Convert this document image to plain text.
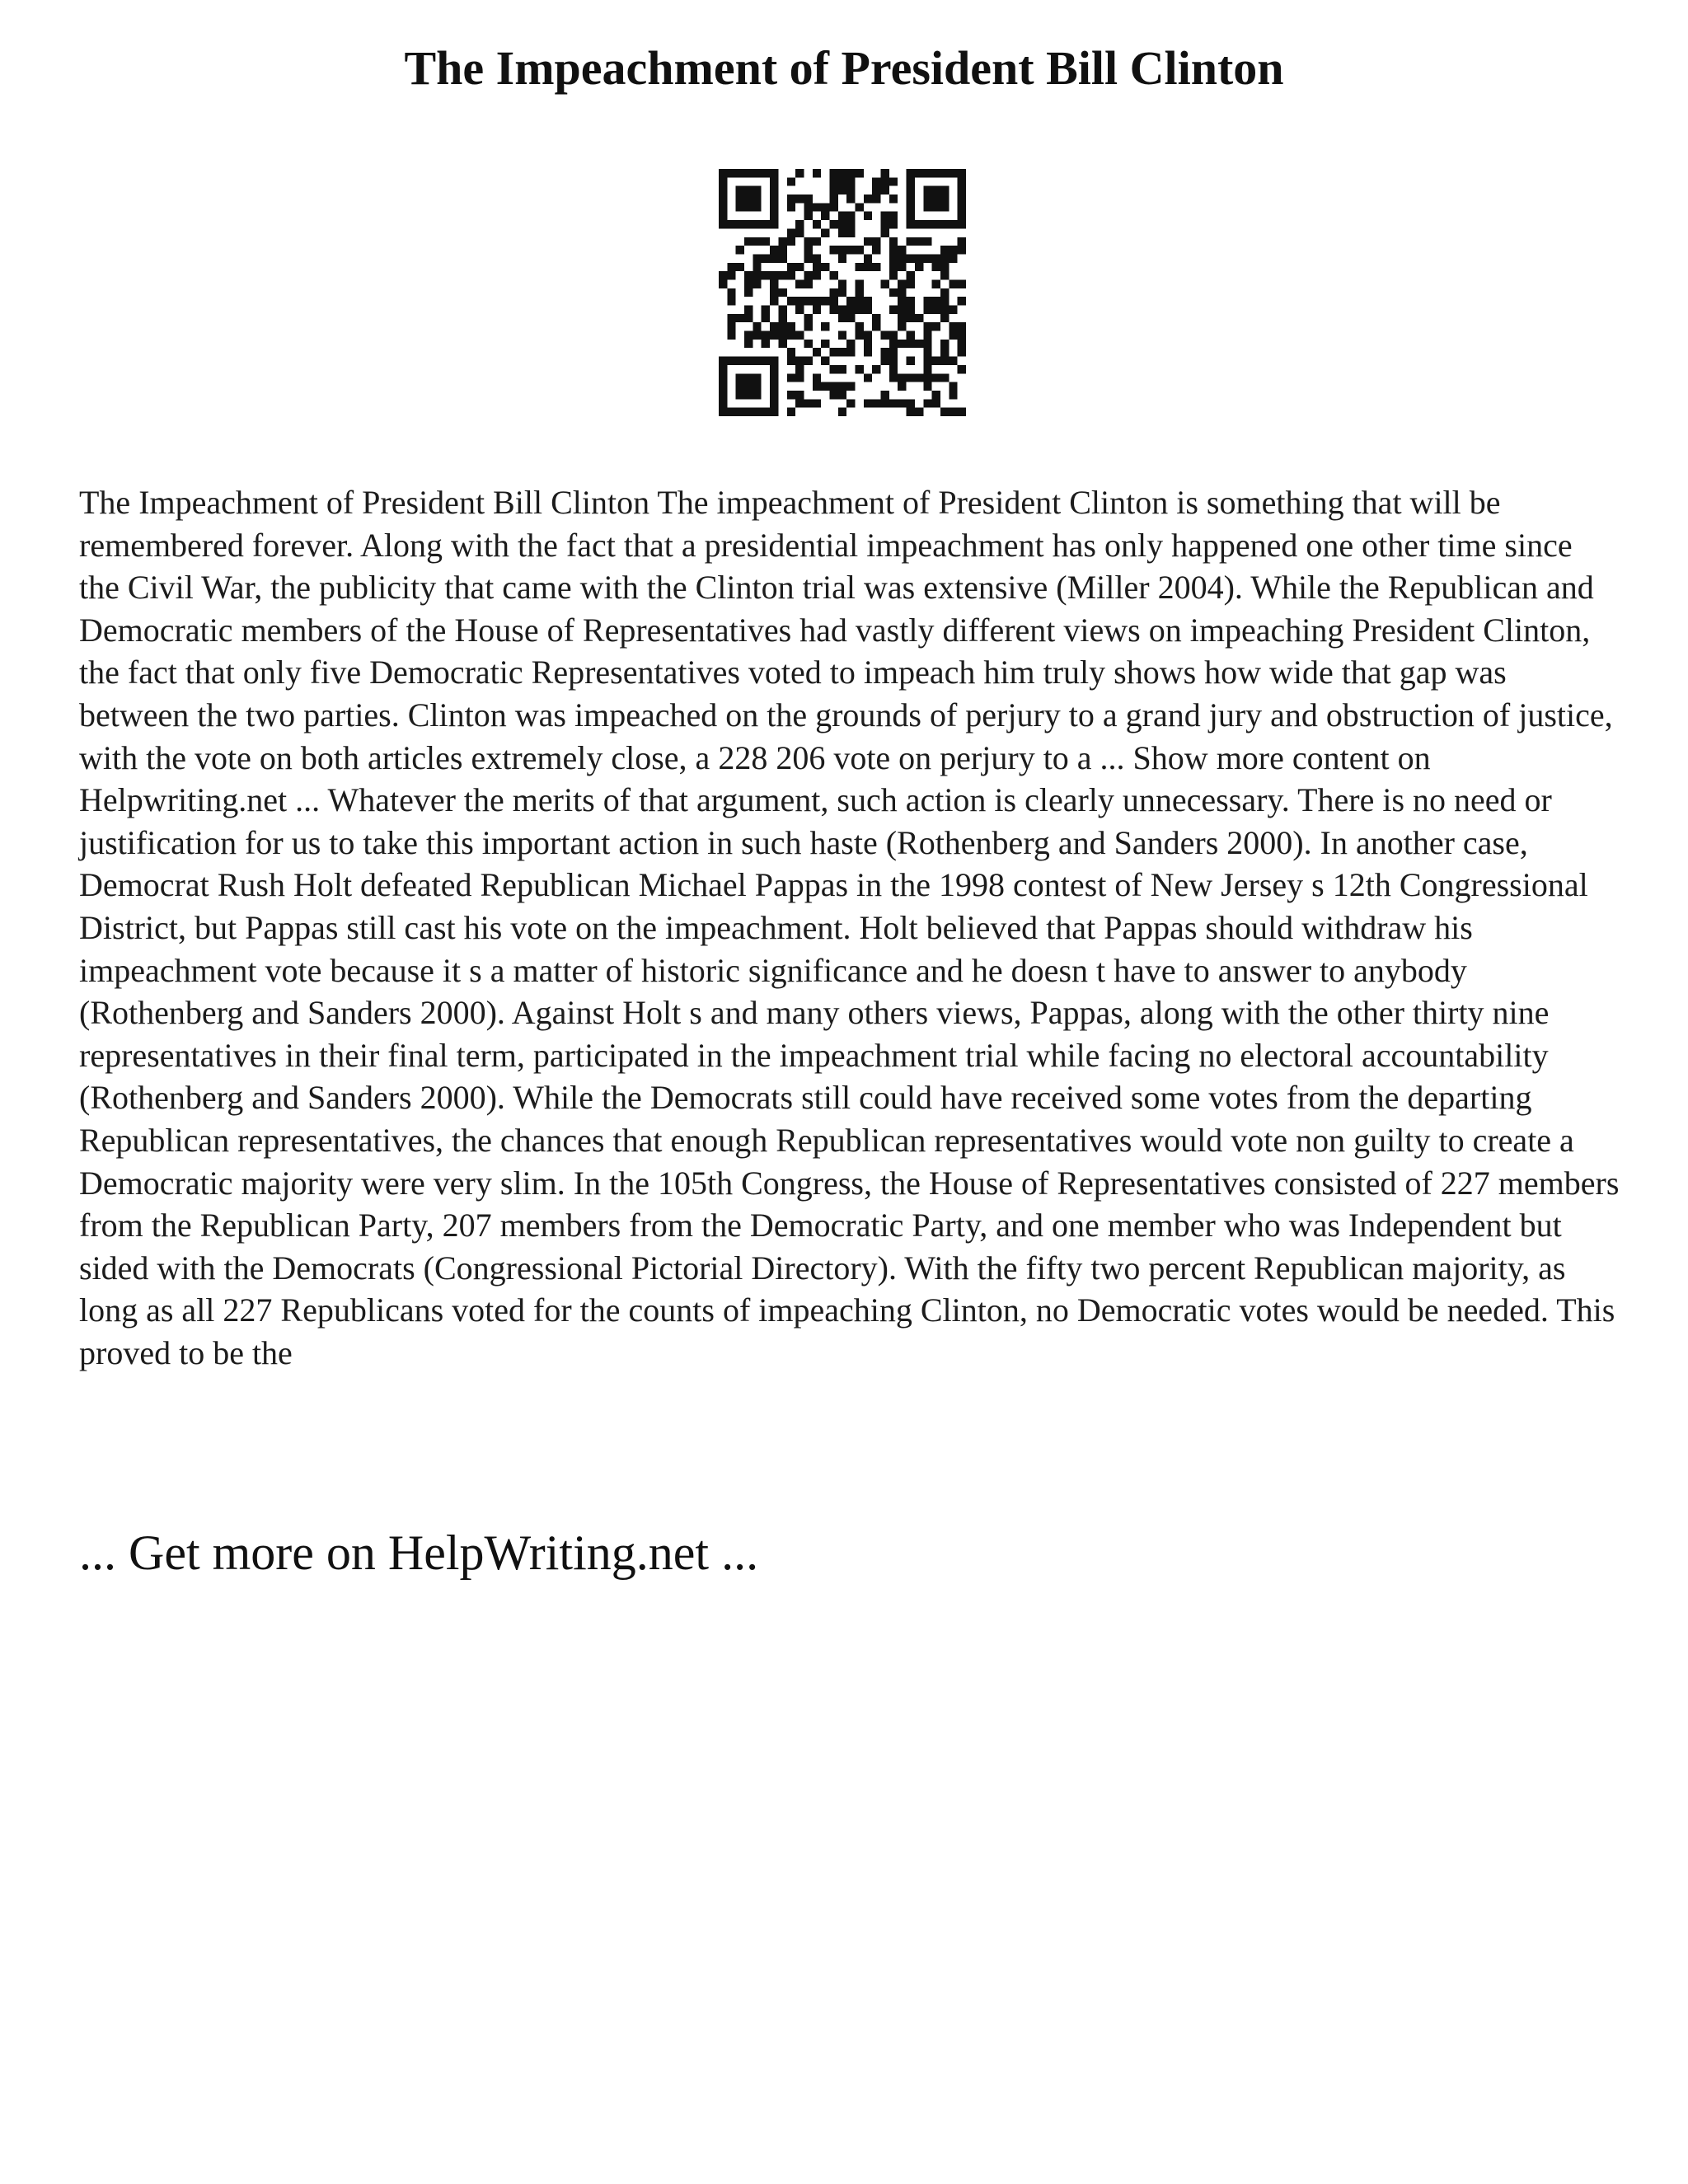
The Impeachment of President Bill Clinton

The Impeachment of President Bill Clinton The impeachment of President Clinton is something that will be remembered forever. Along with the fact that a presidential impeachment has only happened one other time since the Civil War, the publicity that came with the Clinton trial was extensive (Miller 2004). While the Republican and Democratic members of the House of Representatives had vastly different views on impeaching President Clinton, the fact that only five Democratic Representatives voted to impeach him truly shows how wide that gap was between the two parties. Clinton was impeached on the grounds of perjury to a grand jury and obstruction of justice, with the vote on both articles extremely close, a 228 206 vote on perjury to a ... Show more content on Helpwriting.net ... Whatever the merits of that argument, such action is clearly unnecessary. There is no need or justification for us to take this important action in such haste (Rothenberg and Sanders 2000). In another case, Democrat Rush Holt defeated Republican Michael Pappas in the 1998 contest of New Jersey s 12th Congressional District, but Pappas still cast his vote on the impeachment. Holt believed that Pappas should withdraw his impeachment vote because it s a matter of historic significance and he doesn t have to answer to anybody (Rothenberg and Sanders 2000). Against Holt s and many others views, Pappas, along with the other thirty nine representatives in their final term, participated in the impeachment trial while facing no electoral accountability (Rothenberg and Sanders 2000). While the Democrats still could have received some votes from the departing Republican representatives, the chances that enough Republican representatives would vote non guilty to create a Democratic majority were very slim. In the 105th Congress, the House of Representatives consisted of 227 members from the Republican Party, 207 members from the Democratic Party, and one member who was Independent but sided with the Democrats (Congressional Pictorial Directory). With the fifty two percent Republican majority, as long as all 227 Republicans voted for the counts of impeaching Clinton, no Democratic votes would be needed. This proved to be the

... Get more on HelpWriting.net ...
